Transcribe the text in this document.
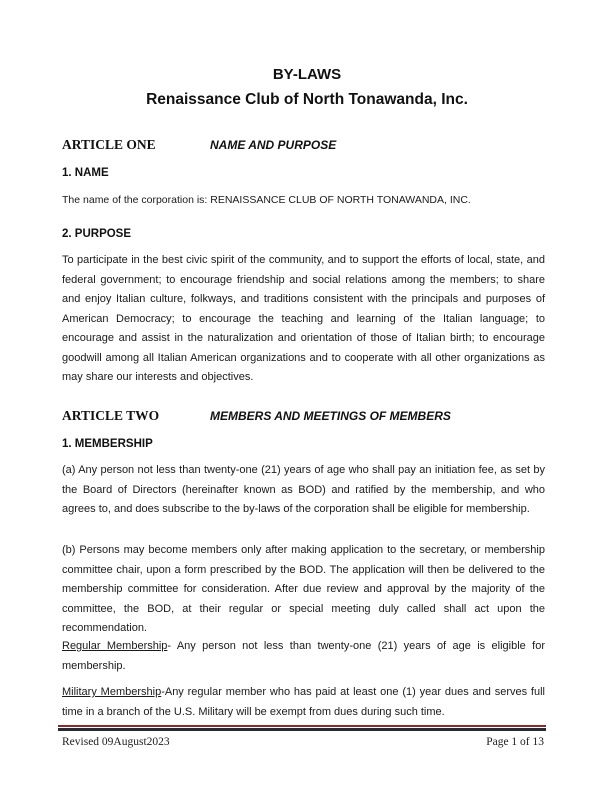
BY-LAWS
Renaissance Club of North Tonawanda, Inc.
ARTICLE ONE	NAME AND PURPOSE
1. NAME
The name of the corporation is: RENAISSANCE CLUB OF NORTH TONAWANDA, INC.
2. PURPOSE
To participate in the best civic spirit of the community, and to support the efforts of local, state, and federal government; to encourage friendship and social relations among the members; to share and enjoy Italian culture, folkways, and traditions consistent with the principals and purposes of American Democracy; to encourage the teaching and learning of the Italian language; to encourage and assist in the naturalization and orientation of those of Italian birth; to encourage goodwill among all Italian American organizations and to cooperate with all other organizations as may share our interests and objectives.
ARTICLE TWO	MEMBERS AND MEETINGS OF MEMBERS
1. MEMBERSHIP
(a) Any person not less than twenty-one (21) years of age who shall pay an initiation fee, as set by the Board of Directors (hereinafter known as BOD) and ratified by the membership, and who agrees to, and does subscribe to the by-laws of the corporation shall be eligible for membership.
(b) Persons may become members only after making application to the secretary, or membership committee chair, upon a form prescribed by the BOD. The application will then be delivered to the membership committee for consideration. After due review and approval by the majority of the committee, the BOD, at their regular or special meeting duly called shall act upon the recommendation.
Regular Membership- Any person not less than twenty-one (21) years of age is eligible for membership.
Military Membership-Any regular member who has paid at least one (1) year dues and serves full time in a branch of the U.S. Military will be exempt from dues during such time.
Revised 09August2023	Page 1 of 13
